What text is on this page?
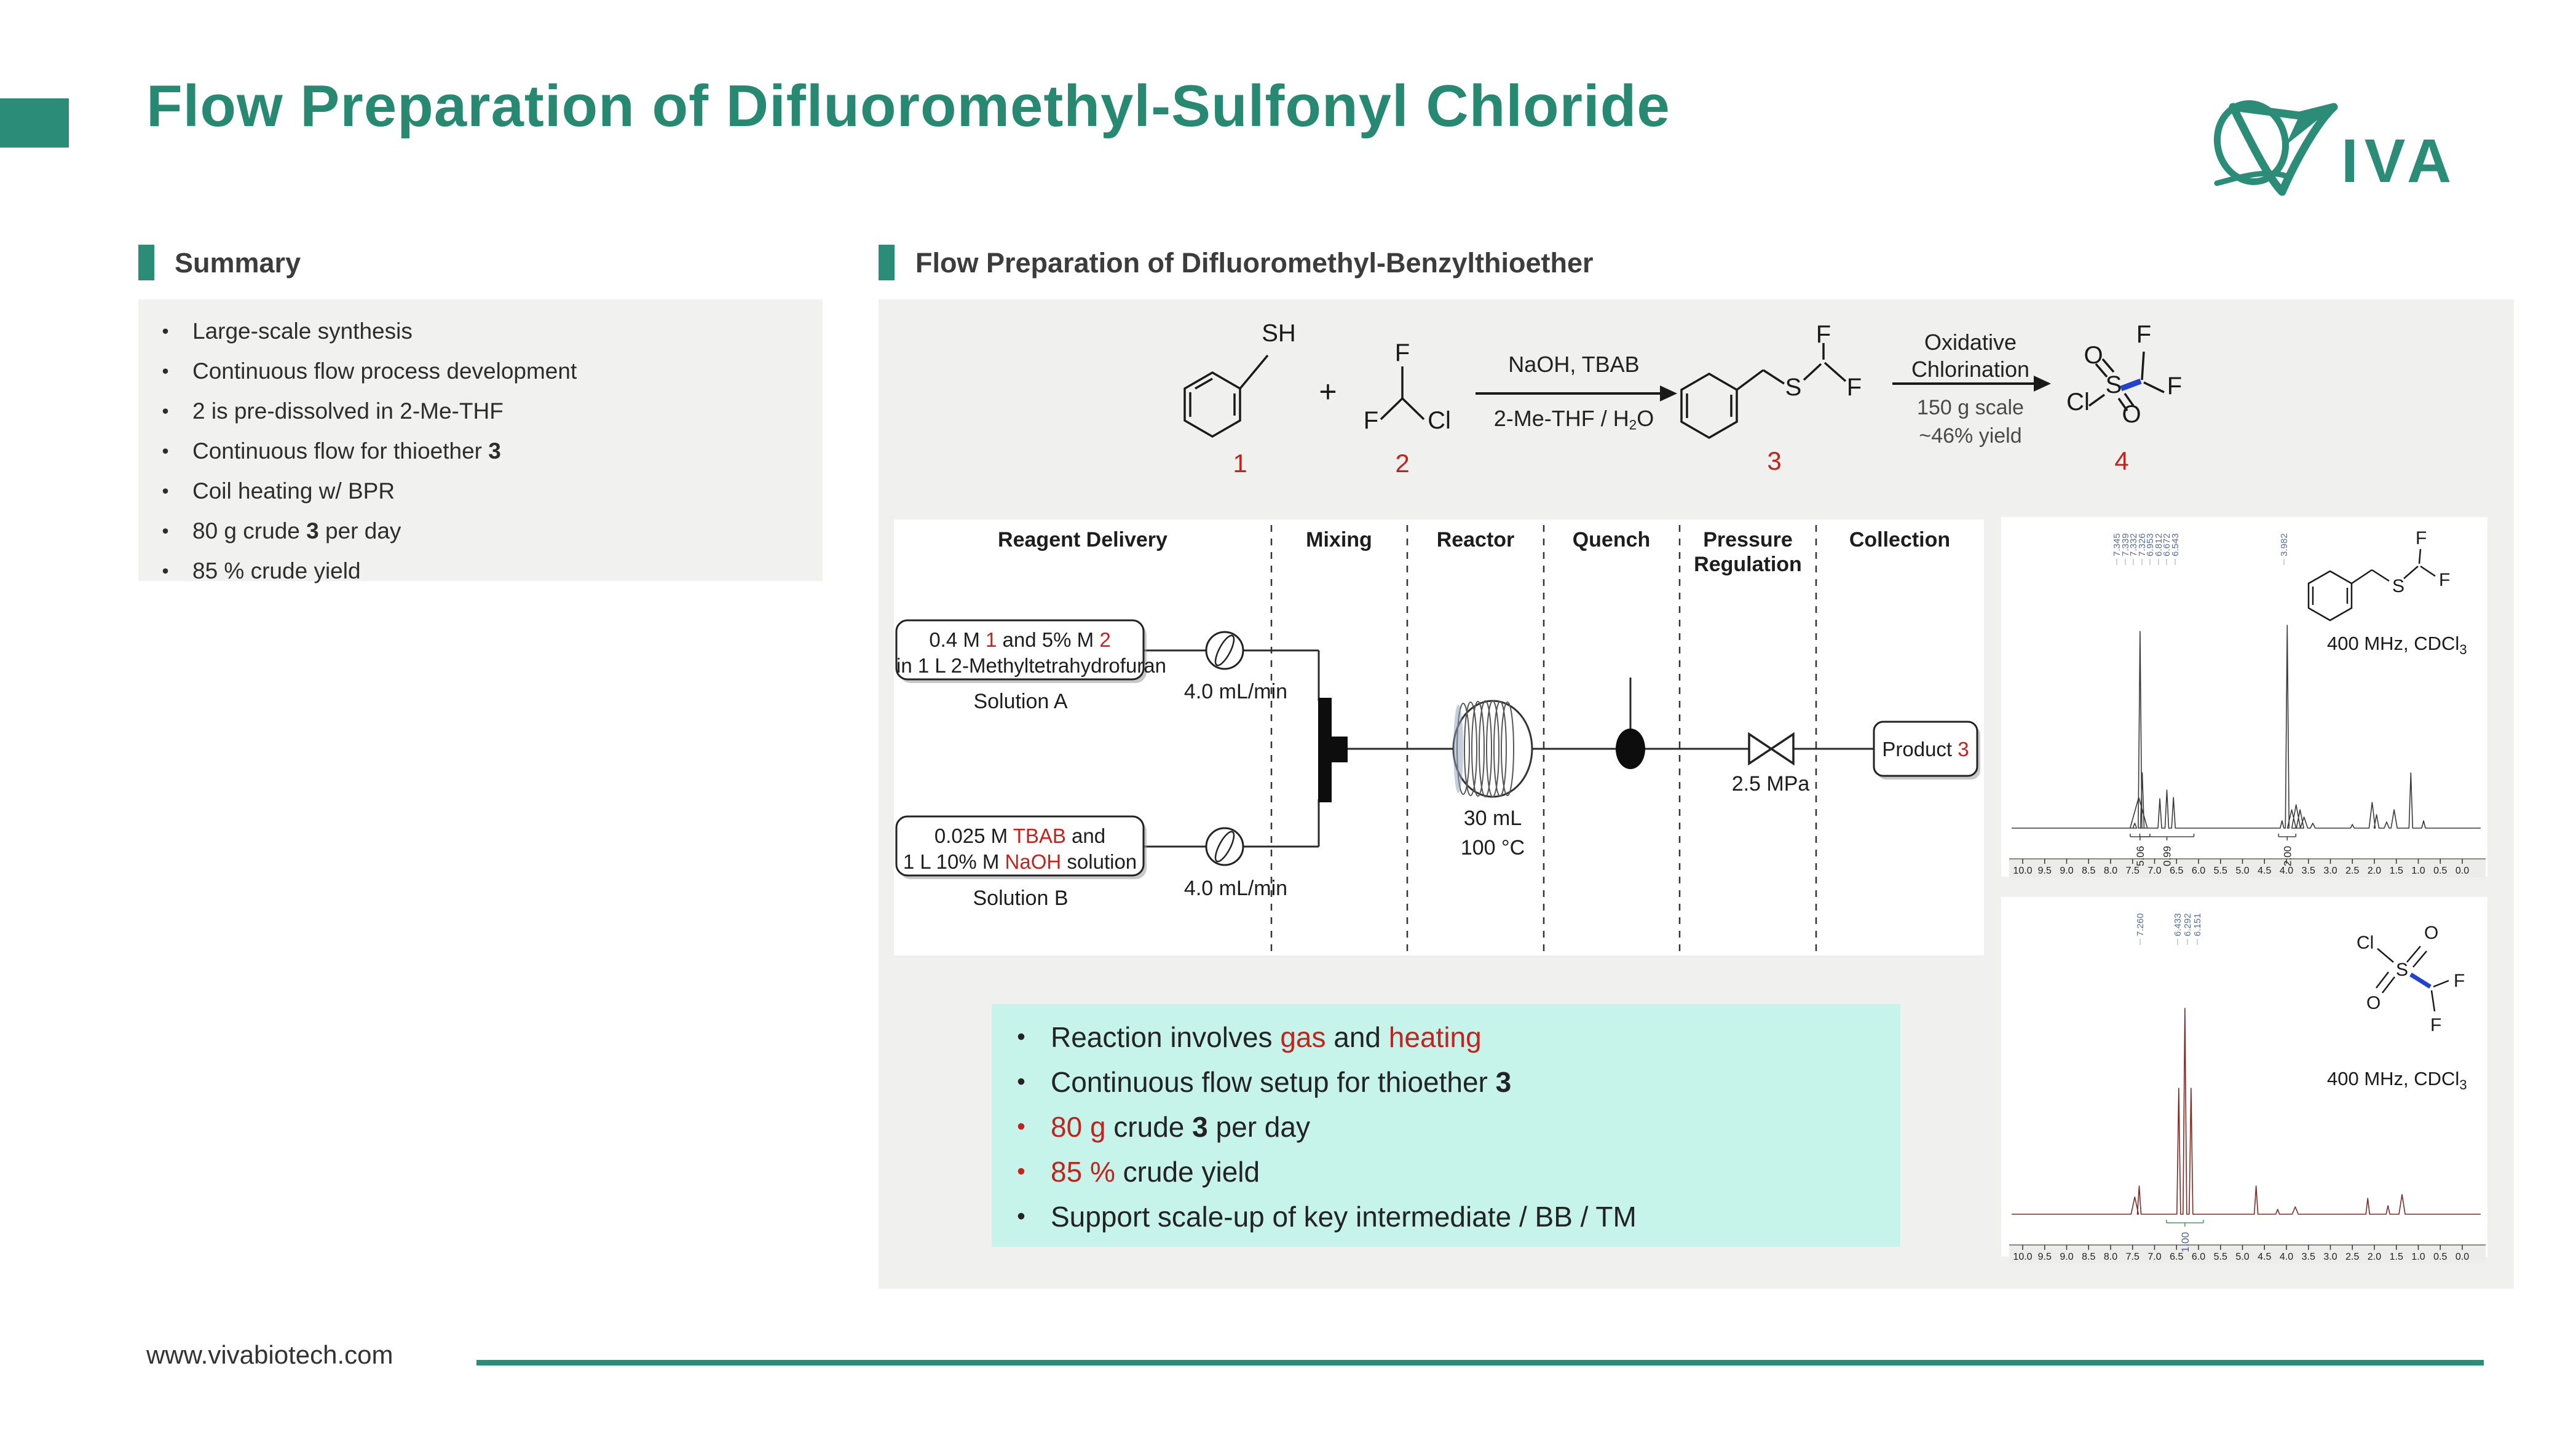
Flow Preparation of Difluoromethyl-Sulfonyl Chloride
IVA
Summary
•	Large-scale synthesis
•	Continuous flow process development
•	2 is pre-dissolved in 2-Me-THF
•	Continuous flow for thioether 3
•	Coil heating w/ BPR
•	80 g crude 3 per day
•	85 % crude yield
Flow Preparation of Difluoromethyl-Benzylthioether
SH
1
+
F
F	Cl
2
NaOH, TBAB
$2-Me-THF / H_2O$
S
F
F
3
Oxidative
Chlorination
150 g scale
~46% yield
O
O
S
Cl
F
F
4
Reagent Delivery	Mixing	Reactor	Quench	Pressure
Regulation
Collection
0.4 M 1 and 5% M 2
in 1 L 2-Methyltetrahydrofuran
Solution A	4.0 mL/min
0.025 M TBAB and
1 L 10% M NaOH solution
Solution B	4.0 mL/min
30 mL
100 °C
2.5 MPa
Product 3
• Reaction involves gas and heating
• Continuous flow setup for thioether 3
• 80 g crude 3 per day
• 85 % crude yield
• Support scale-up of key intermediate / BB / TM
S
F
F
400 MHz, CDCl$_3$
10.0 9.5 9.0 8.5 8.0 7.5 7.0 6.5 6.0 5.5 5.0 4.5 4.0 3.5 3.0 2.5 2.0 1.5 1.0 0.5 0.0
7.345
7.339
7.332
7.326
6.953
6.812
6.672
6.543	3.982
5.06 0.99	2.00
Cl
S
O
O
F
F
400 MHz, CDCl$_3$
10.0 9.5 9.0 8.5 8.0 7.5 7.0 6.5 6.0 5.5 5.0 4.5 4.0 3.5 3.0 2.5 2.0 1.5 1.0 0.5 0.0
7.260	6.433 6.292 6.151
1.00
www.vivabiotech.com
